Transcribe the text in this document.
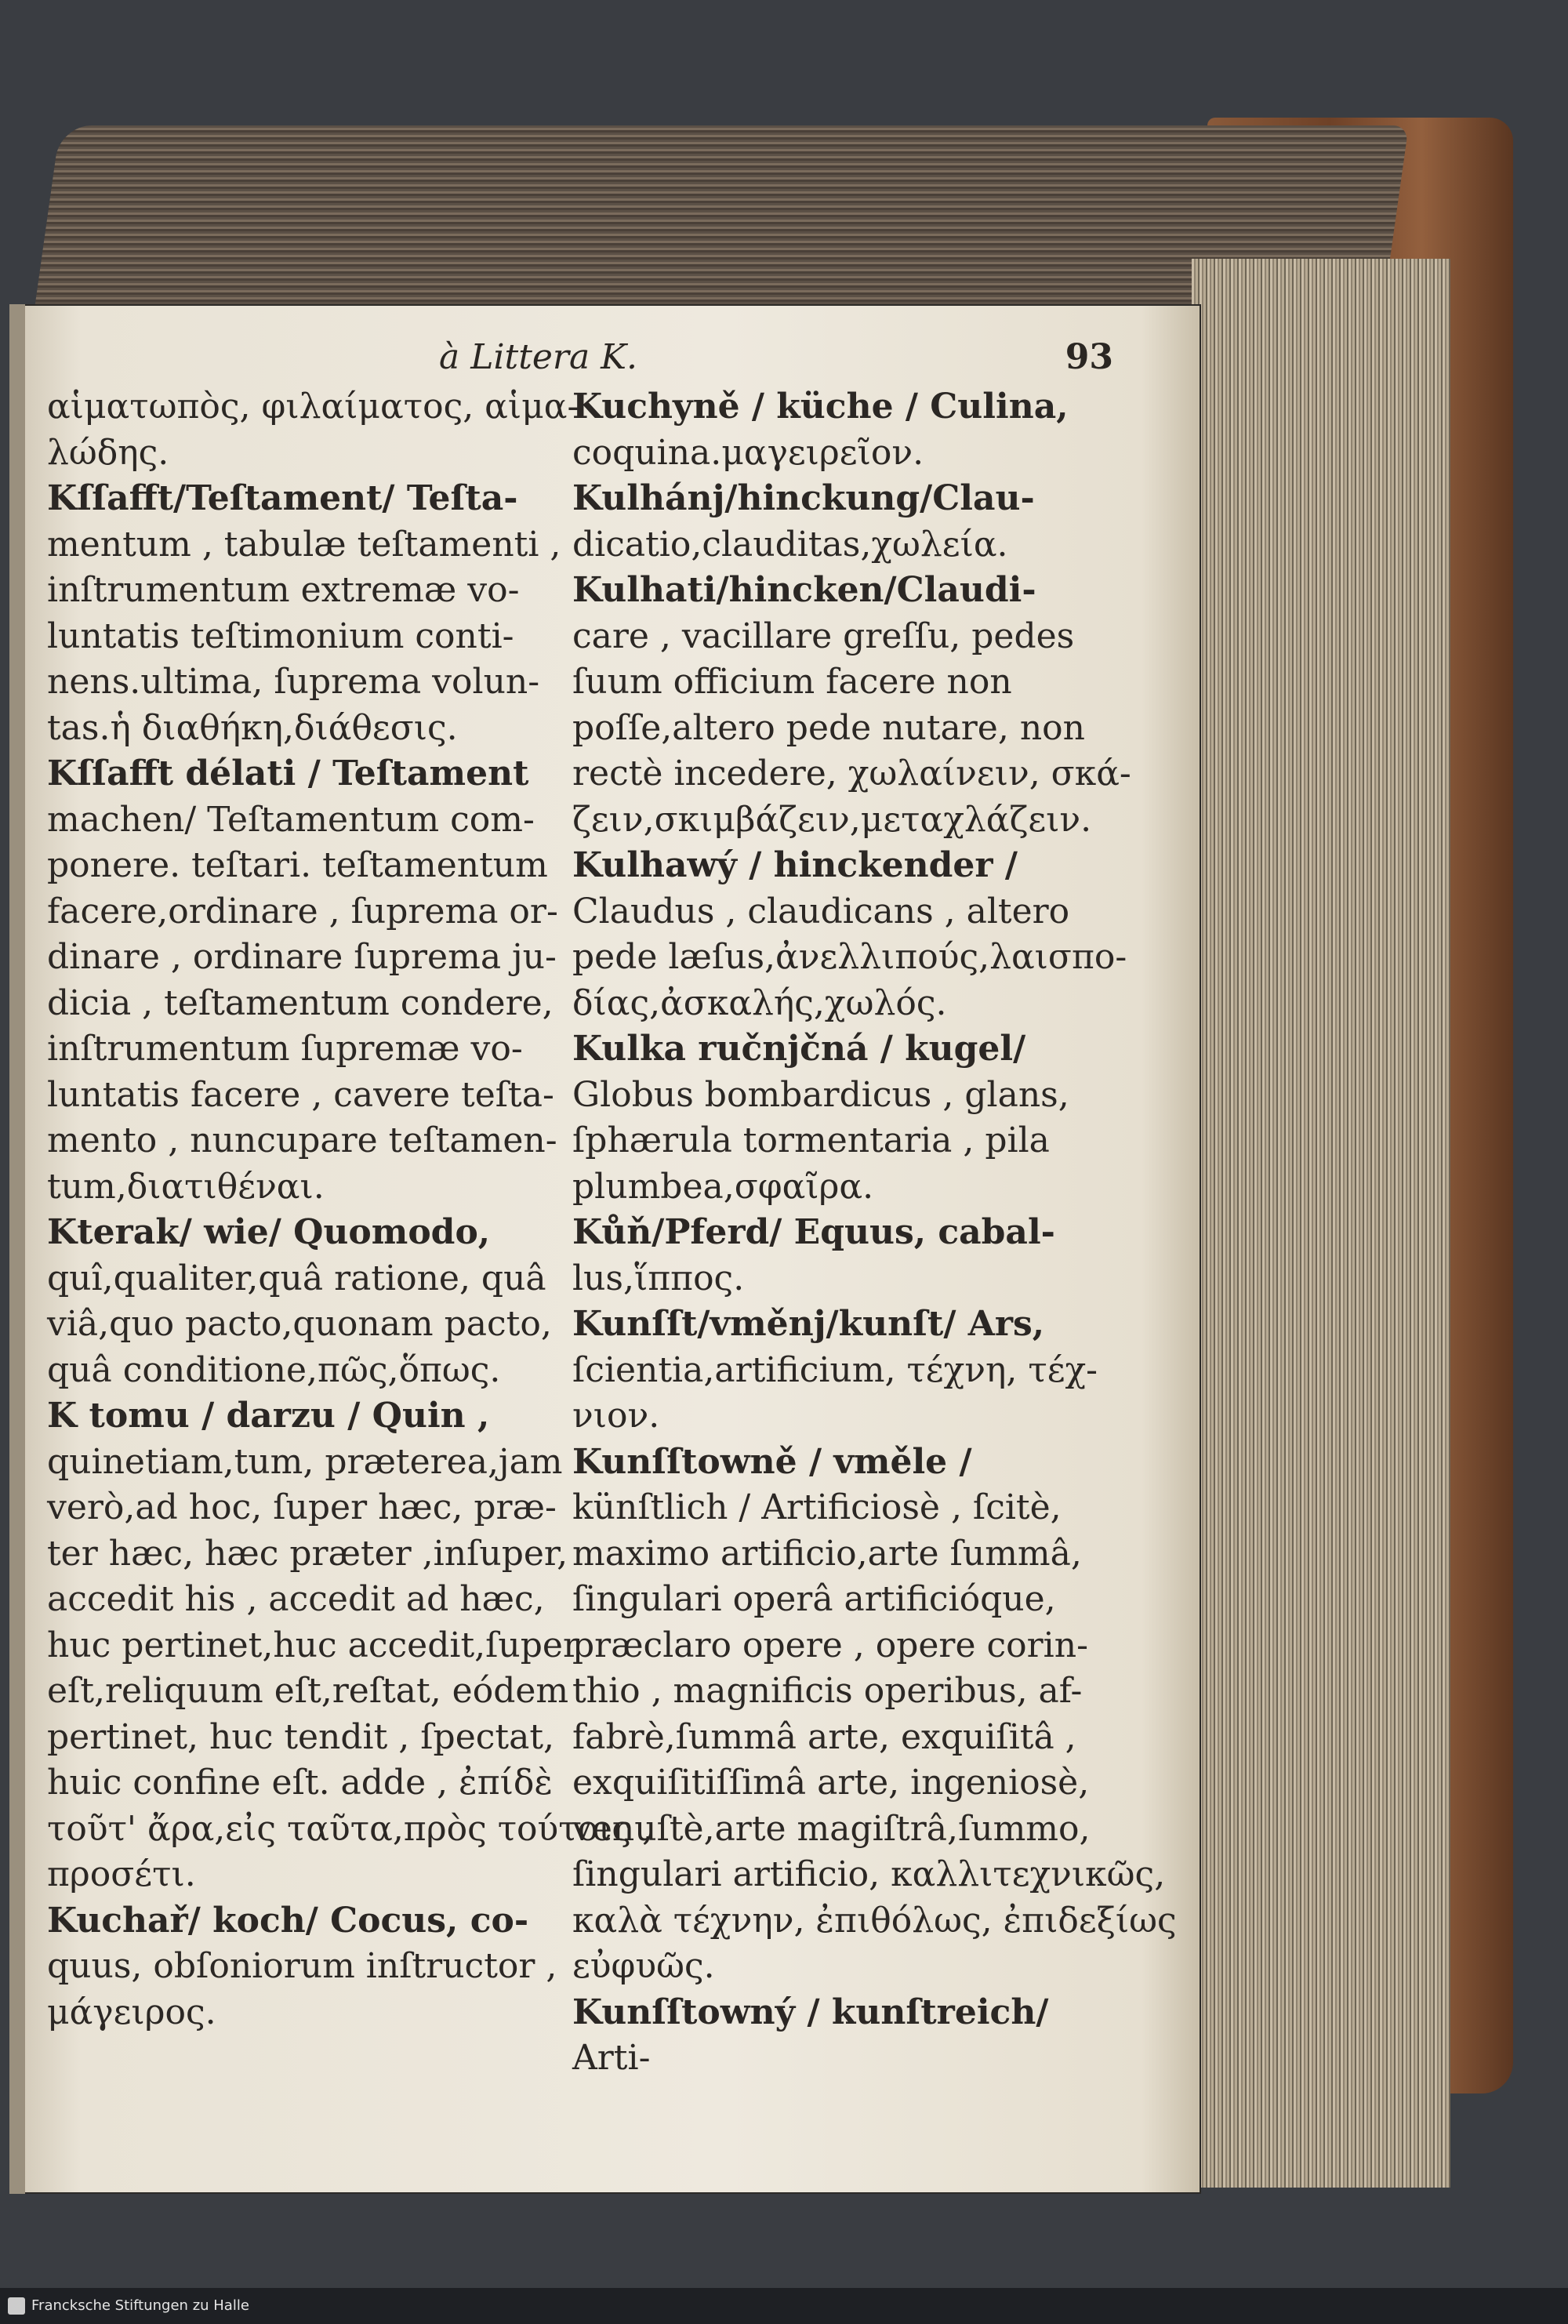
à Littera K.	93
αἱματωπὸς, φιλαίματος, αἱμα-
λώδης.
Kſſafft/Teſtament/ Teſta-
mentum , tabulæ teſtamenti ,
inſtrumentum extremæ vo-
luntatis teſtimonium conti-
nens.ultima, ſuprema volun-
tas.ἡ διαθήκη,διάθεσις.
Kſſafft délati / Teſtament
machen/ Teſtamentum com-
ponere. teſtari. teſtamentum
facere,ordinare , ſuprema or-
dinare , ordinare ſuprema ju-
dicia , teſtamentum condere,
inſtrumentum ſupremæ vo-
luntatis facere , cavere teſta-
mento , nuncupare teſtamen-
tum,διατιθέναι.
Kterak/ wie/ Quomodo,
quî,qualiter,quâ ratione, quâ
viâ,quo pacto,quonam pacto,
quâ conditione,πῶς,ὅπως.
K tomu / darzu / Quin ,
quinetiam,tum, præterea,jam
verò,ad hoc, ſuper hæc, præ-
ter hæc, hæc præter ,inſuper,
accedit his , accedit ad hæc,
huc pertinet,huc accedit,ſuper
eſt,reliquum eſt,reſtat, eódem
pertinet, huc tendit , ſpectat,
huic confine eſt. adde , ἐπίδὲ
τοῦτ' ἄρα,εἰς ταῦτα,πρὸς τούτοις ,
προσέτι.
Kuchař/ koch/ Cocus, co-
quus, obſoniorum inſtructor ,
μάγειρος.
Kuchyně / küche / Culina,
coquina.μαγειρεῖον.
Kulhánj/hinckung/Clau-
dicatio,clauditas,χωλεία.
Kulhati/hincken/Claudi-
care , vacillare greſſu, pedes
ſuum officium facere non
poſſe,altero pede nutare, non
rectè incedere, χωλαίνειν, σκά-
ζειν,σκιμβάζειν,μεταχλάζειν.
Kulhawý / hinckender /
Claudus , claudicans , altero
pede læſus,ἀνελλιπούς,λαισπο-
δίας,ἀσκαλής,χωλός.
Kulka ručnjčná / kugel/
Globus bombardicus , glans,
ſphærula tormentaria , pila
plumbea,σφαῖρα.
Kůň/Pferd/ Equus, cabal-
lus,ἵππος.
Kunſſt/vměnj/kunſt/ Ars,
ſcientia,artificium, τέχνη, τέχ-
νιον.
Kunſſtowně / vměle /
künſtlich / Artificiosè , ſcitè,
maximo artificio,arte ſummâ,
ſingulari operâ artificióque,
præclaro opere , opere corin-
thio , magnificis operibus, af-
fabrè,ſummâ arte, exquiſitâ ,
exquiſitiſſimâ arte, ingeniosè,
venuſtè,arte magiſtrâ,ſummo,
ſingulari artificio, καλλιτεχνικῶς,
καλὰ τέχνην, ἐπιθόλως, ἐπιδεξίως
εὐφυῶς.
Kunſſtowný / kunſtreich/
Arti-
Francksche Stiftungen zu Halle
